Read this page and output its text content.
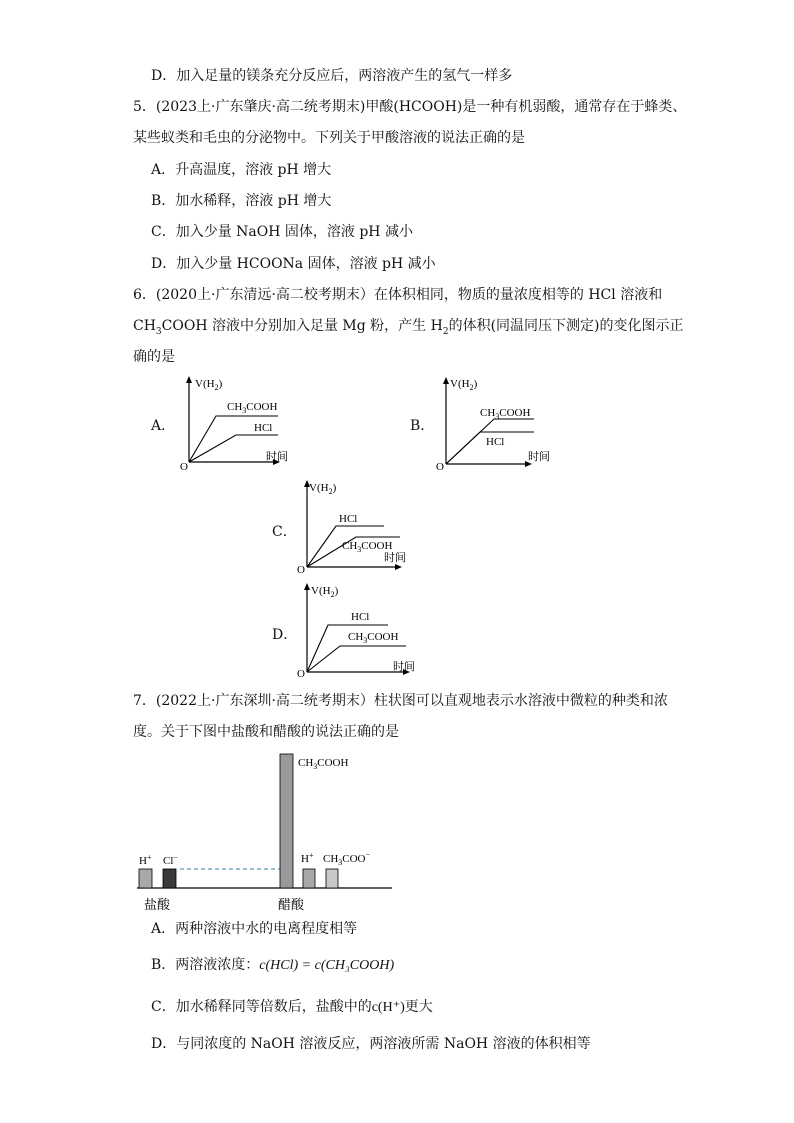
D．加入足量的镁条充分反应后，两溶液产生的氢气一样多
5．(2023上·广东肇庆·高二统考期末)甲酸(HCOOH)是一种有机弱酸，通常存在于蜂类、
某些蚁类和毛虫的分泌物中。下列关于甲酸溶液的说法正确的是
A．升高温度，溶液 pH 增大
B．加水稀释，溶液 pH 增大
C．加入少量 NaOH 固体，溶液 pH 减小
D．加入少量 HCOONa 固体，溶液 pH 减小
6．(2020上·广东清远·高二校考期末）在体积相同，物质的量浓度相等的 HCl 溶液和
$CH_3COOH$ 溶液中分别加入足量 Mg 粉，产生 $H_2$的体积(同温同压下测定)的变化图示正
确的是
A．
$V(H_2)$
O
时间
$CH_3COOH$
HCl	B．
$V(H_2)$
O
时间
$CH_3COOH$
HCl
C．
$V(H_2)$
O
时间
HCl
$CH_3COOH$
D．
$V(H_2)$
O
时间
HCl
$CH_3COOH$
7．(2022上·广东深圳·高二统考期末）柱状图可以直观地表示水溶液中微粒的种类和浓
度。关于下图中盐酸和醋酸的说法正确的是
H+ Cl−
$CH_3COOH$
H+ $CH_3COO^-$
盐酸	醋酸
A．两种溶液中水的电离程度相等
B．两溶液浓度：c(HCl) = c(CH₃COOH)
C．加水稀释同等倍数后，盐酸中的c(H⁺)更大
D．与同浓度的 NaOH 溶液反应，两溶液所需 NaOH 溶液的体积相等
